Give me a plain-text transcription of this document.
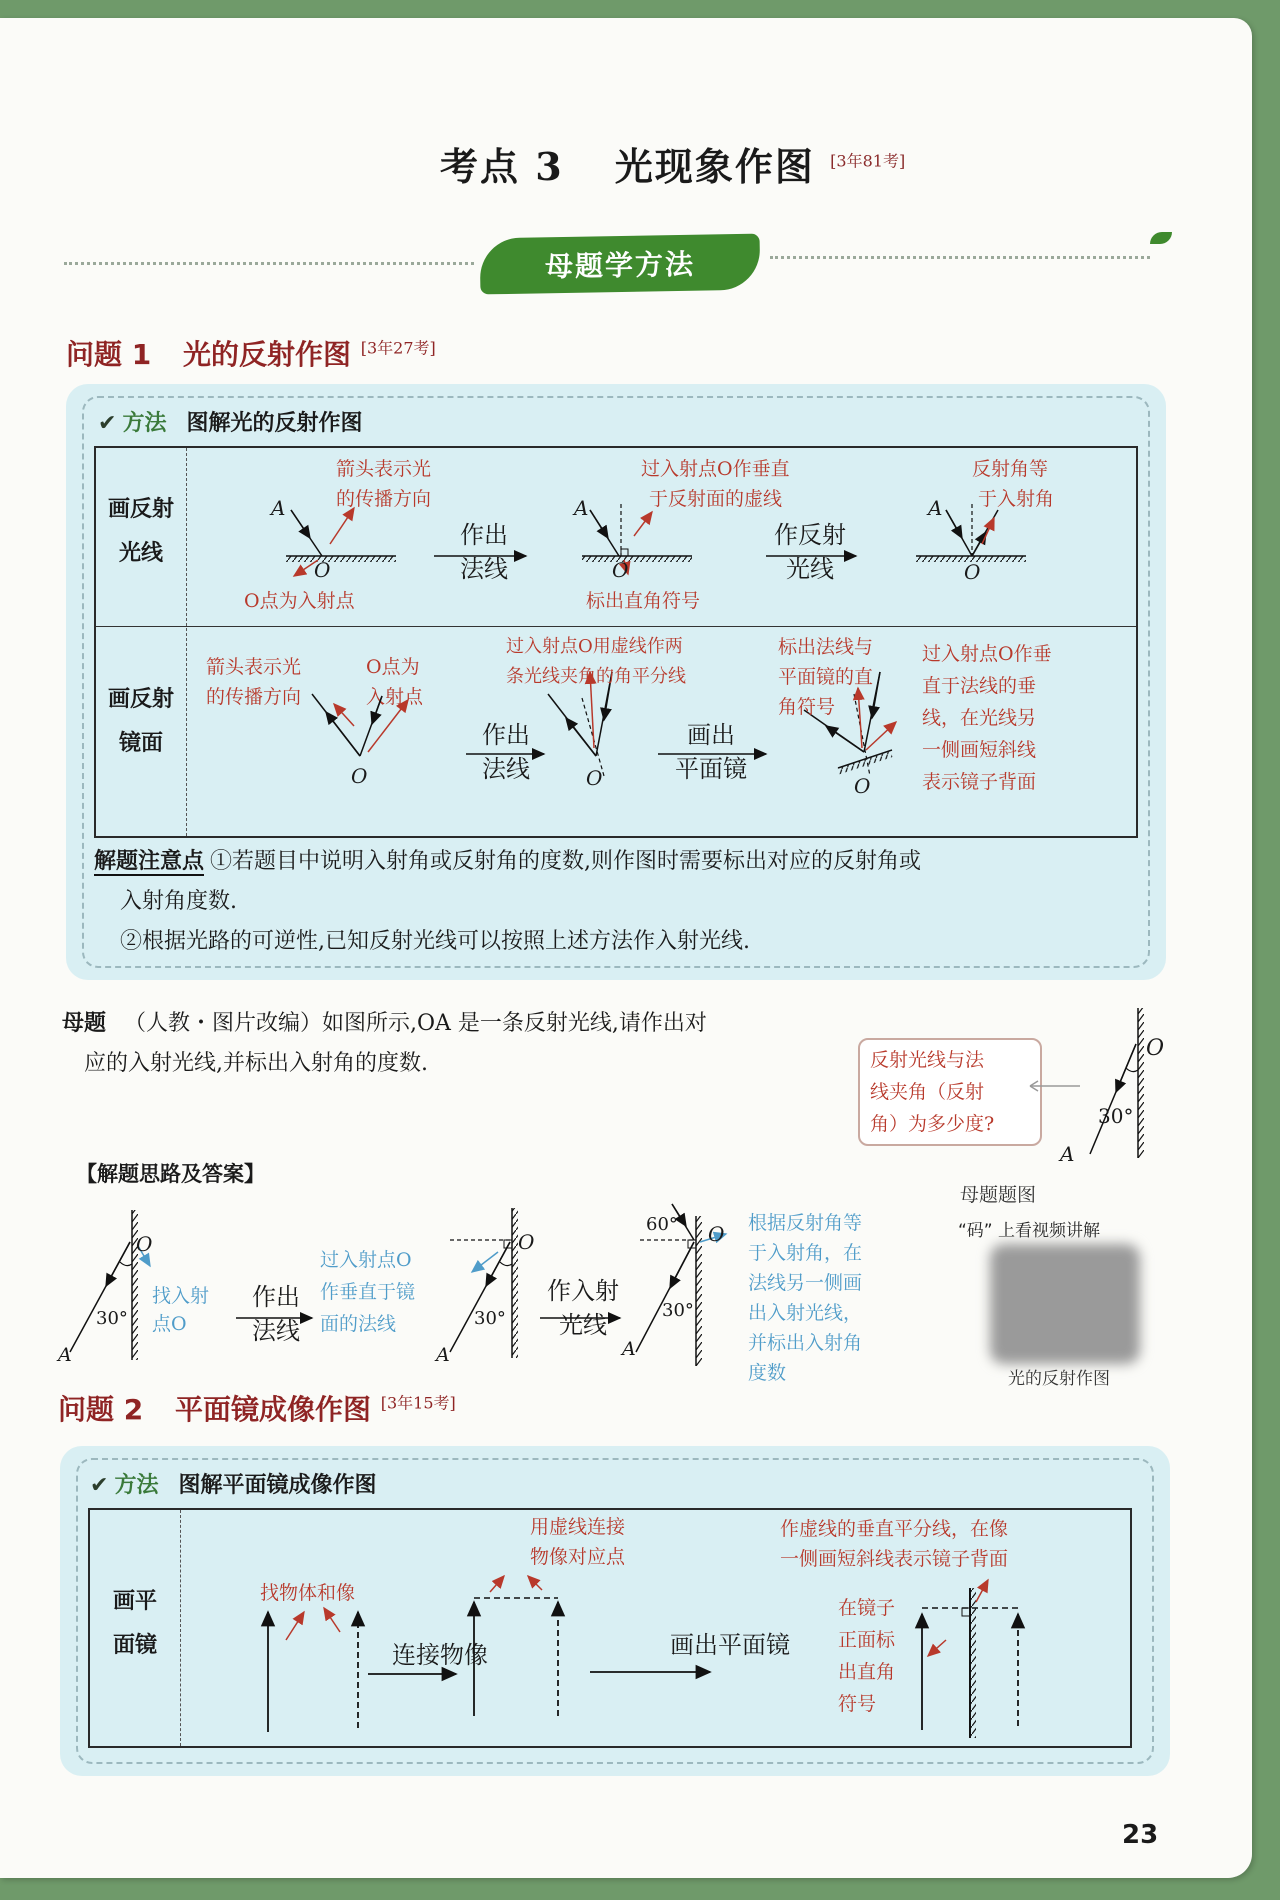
考点 3 光现象作图 [3年81考]
母题学方法
问题 1 光的反射作图 [3年27考]
✔ 方法 图解光的反射作图
画反射
光线
箭头表示光
的传播方向
O点为入射点
A
O
作出
法线
过入射点O作垂直
于反射面的虚线
A
O
标出直角符号
作反射
光线
反射角等
于入射角
A
O
画反射
镜面
箭头表示光
的传播方向
O点为
入射点
O
作出
法线
过入射点O用虚线作两
条光线夹角的角平分线
O
画出
平面镜
标出法线与
平面镜的直
角符号
O
过入射点O作垂
直于法线的垂
线，在光线另
一侧画短斜线
表示镜子背面
解题注意点 ①若题目中说明入射角或反射角的度数,则作图时需要标出对应的反射角或
入射角度数.
②根据光路的可逆性,已知反射光线可以按照上述方法作入射光线.
母题 （人教・图片改编）如图所示,OA 是一条反射光线,请作出对
应的入射光线,并标出入射角的度数.	反射光线与法
线夹角（反射
角）为多少度?
O
30°
A
母题题图
【解题思路及答案】
O
30°
A
找入射
点O
作出
法线
过入射点O
作垂直于镜
面的法线
O
30°
A
作入射
光线
60° O
30°
A
根据反射角等
于入射角，在
法线另一侧画
出入射光线，
并标出入射角
度数
“码” 上看视频讲解
光的反射作图
问题 2 平面镜成像作图 [3年15考]
✔ 方法 图解平面镜成像作图
画平
面镜
找物体和像
连接物像
用虚线连接
物像对应点
画出平面镜
作虚线的垂直平分线，在像
一侧画短斜线表示镜子背面
在镜子
正面标
出直角
符号
23
